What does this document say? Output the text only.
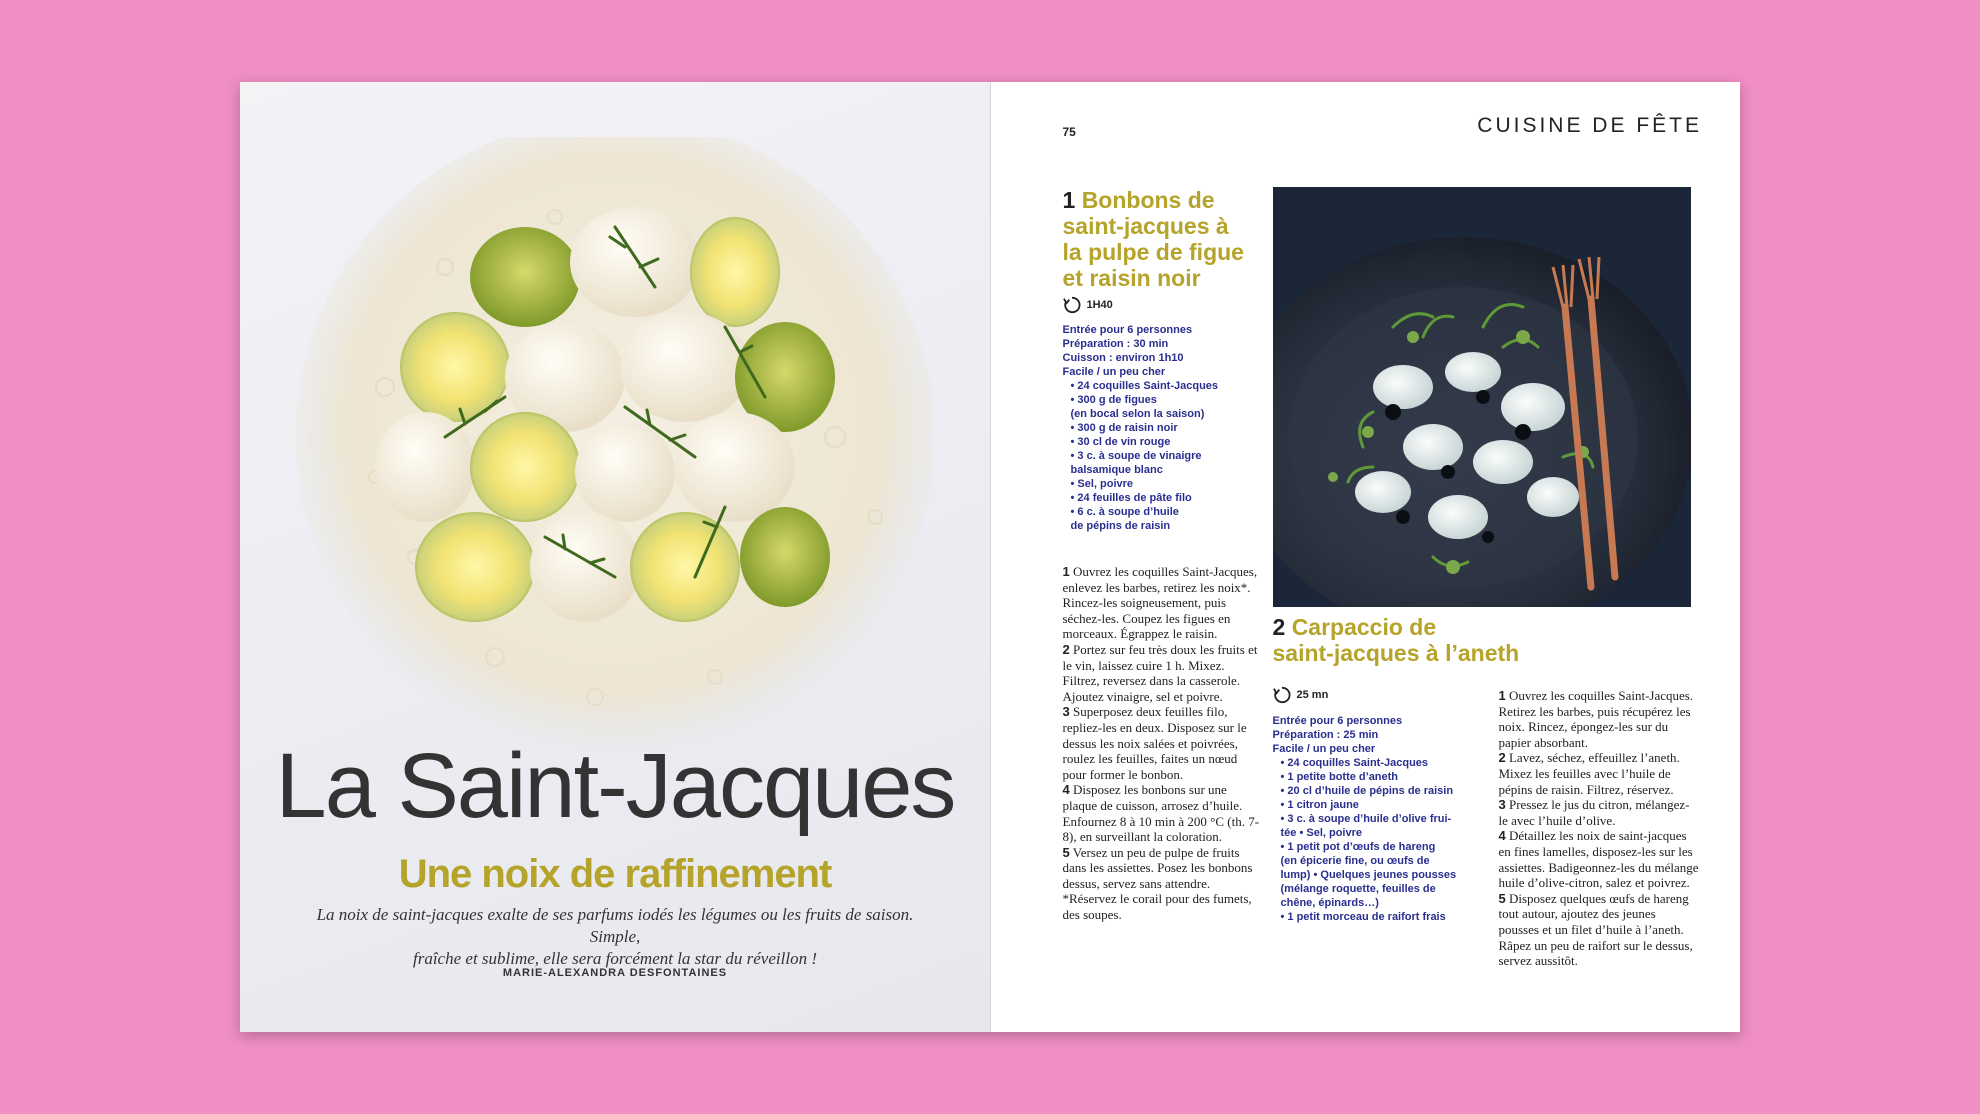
La Saint-Jacques
Une noix de raffinement
La noix de saint-jacques exalte de ses parfums iodés les légumes ou les fruits de saison. Simple,
fraîche et sublime, elle sera forcément la star du réveillon !
MARIE-ALEXANDRA DESFONTAINES
75	CUISINE DE FÊTE
1 Bonbons de
saint-jacques à
la pulpe de figue
et raisin noir
1H40
Entrée pour 6 personnes
Préparation : 30 min
Cuisson : environ 1h10
Facile / un peu cher
• 24 coquilles Saint-Jacques
• 300 g de figues
(en bocal selon la saison)
• 300 g de raisin noir
• 30 cl de vin rouge
• 3 c. à soupe de vinaigre
balsamique blanc
• Sel, poivre
• 24 feuilles de pâte filo
• 6 c. à soupe d’huile
de pépins de raisin
1 Ouvrez les coquilles Saint-Jacques, enlevez les barbes, retirez les noix*. Rincez-les soigneusement, puis séchez-les. Coupez les figues en morceaux. Égrappez le raisin.
2 Portez sur feu très doux les fruits et le vin, laissez cuire 1 h. Mixez. Filtrez, reversez dans la casserole. Ajoutez vinaigre, sel et poivre.
3 Superposez deux feuilles filo, repliez-les en deux. Disposez sur le dessus les noix salées et poivrées, roulez les feuilles, faites un nœud pour former le bonbon.
4 Disposez les bonbons sur une plaque de cuisson, arrosez d’huile. Enfournez 8 à 10 min à 200 °C (th. 7-8), en surveillant la coloration.
5 Versez un peu de pulpe de fruits dans les assiettes. Posez les bonbons dessus, servez sans attendre.
*Réservez le corail pour des fumets, des soupes.
2 Carpaccio de
saint-jacques à l’aneth
25 mn
Entrée pour 6 personnes
Préparation : 25 min
Facile / un peu cher
• 24 coquilles Saint-Jacques
• 1 petite botte d’aneth
• 20 cl d’huile de pépins de raisin
• 1 citron jaune
• 3 c. à soupe d’huile d’olive frui-
tée • Sel, poivre
• 1 petit pot d’œufs de hareng
(en épicerie fine, ou œufs de
lump) • Quelques jeunes pousses
(mélange roquette, feuilles de
chêne, épinards…)
• 1 petit morceau de raifort frais
1 Ouvrez les coquilles Saint-Jacques. Retirez les barbes, puis récupérez les noix. Rincez, épongez-les sur du papier absorbant.
2 Lavez, séchez, effeuillez l’aneth. Mixez les feuilles avec l’huile de pépins de raisin. Filtrez, réservez.
3 Pressez le jus du citron, mélangez-le avec l’huile d’olive.
4 Détaillez les noix de saint-jacques en fines lamelles, disposez-les sur les assiettes. Badigeonnez-les du mélange huile d’olive-citron, salez et poivrez.
5 Disposez quelques œufs de hareng tout autour, ajoutez des jeunes pousses et un filet d’huile à l’aneth. Râpez un peu de raifort sur le dessus, servez aussitôt.
